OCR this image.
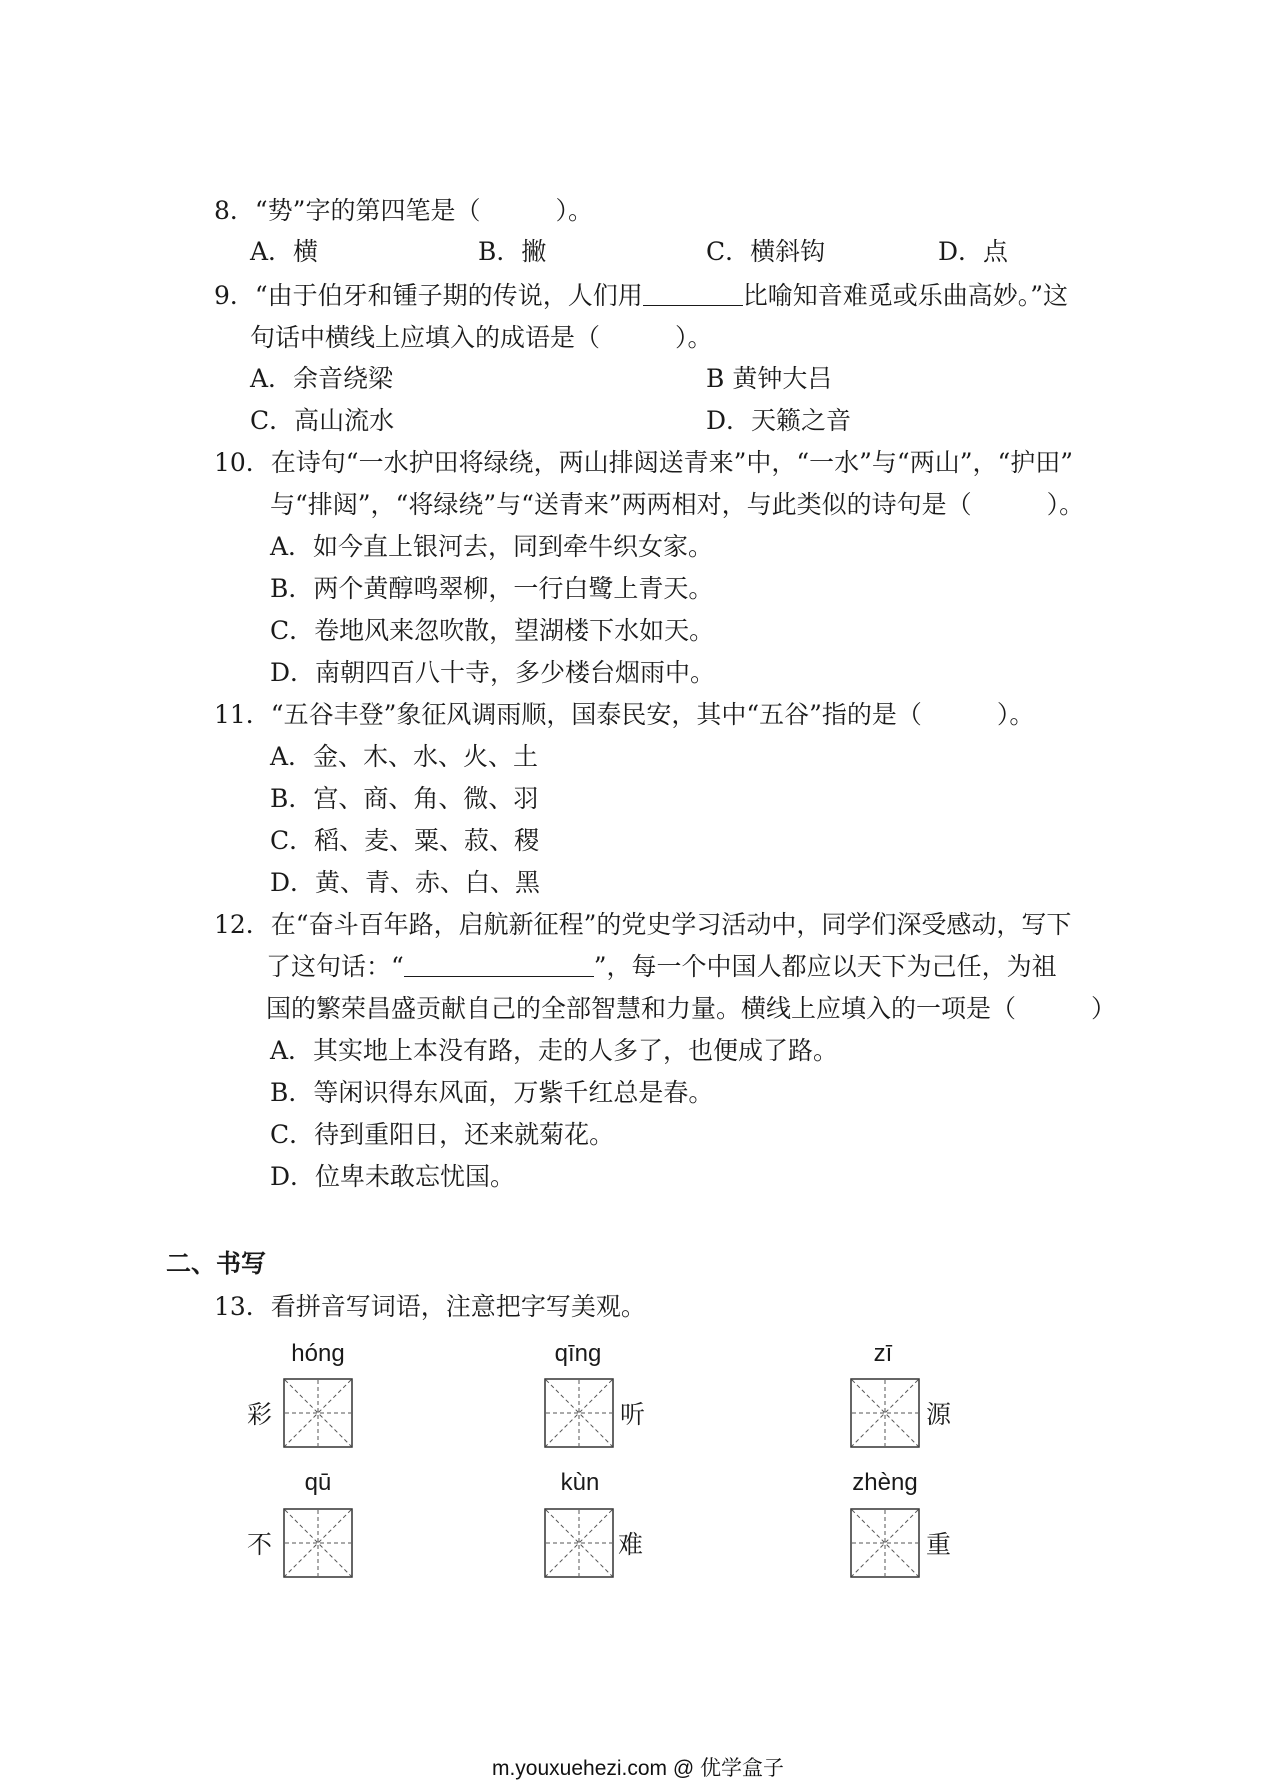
8．“势”字的第四笔是（　　　）。
A．横	B．撇	C．横斜钩	D．点
9．“由于伯牙和锺子期的传说，人们用	比喻知音难觅或乐曲高妙。”这
句话中横线上应填入的成语是（　　　）。
A．余音绕梁	B 黄钟大吕
C．高山流水	D．天籁之音
10．在诗句“一水护田将绿绕，两山排闼送青来”中，“一水”与“两山”，“护田”
与“排闼”，“将绿绕”与“送青来”两两相对，与此类似的诗句是（　　　）。
A．如今直上银河去，同到牵牛织女家。
B．两个黄醇鸣翠柳，一行白鹭上青天。
C．卷地风来忽吹散，望湖楼下水如天。
D．南朝四百八十寺，多少楼台烟雨中。
11．“五谷丰登”象征风调雨顺，国泰民安，其中“五谷”指的是（　　　）。
A．金、木、水、火、土
B．宫、商、角、微、羽
C．稻、麦、粟、菽、稷
D．黄、青、赤、白、黑
12．在“奋斗百年路，启航新征程”的党史学习活动中，同学们深受感动，写下
了这句话：“	”，每一个中国人都应以天下为己任，为祖
国的繁荣昌盛贡献自己的全部智慧和力量。横线上应填入的一项是（　　　）
A．其实地上本没有路，走的人多了，也便成了路。
B．等闲识得东风面，万紫千红总是春。
C．待到重阳日，还来就菊花。
D．位卑未敢忘忧国。
二、书写
13．看拼音写词语，注意把字写美观。
hóng
彩
qīng
听
zī
源
qū
不
kùn
难
zhèng
重
m.youxuehezi.com @ 优学盒子
